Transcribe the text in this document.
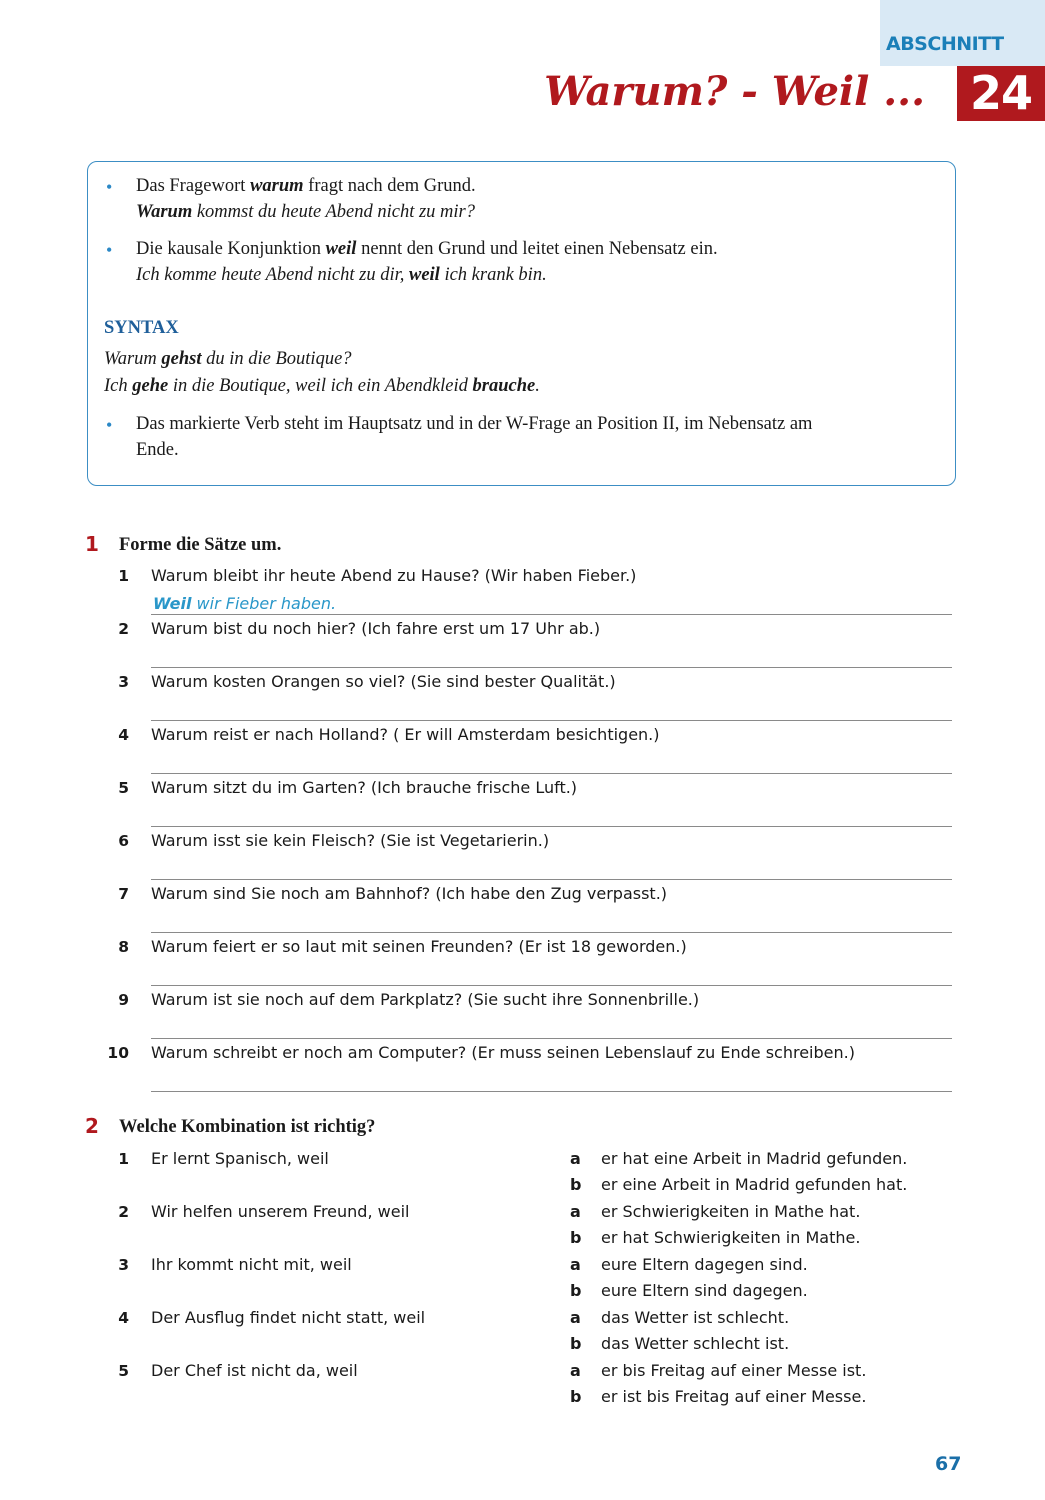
ABSCHNITT
Warum? - Weil ... 24
• Das Fragewort warum fragt nach dem Grund.
Warum kommst du heute Abend nicht zu mir?
• Die kausale Konjunktion weil nennt den Grund und leitet einen Nebensatz ein.
Ich komme heute Abend nicht zu dir, weil ich krank bin.
SYNTAX
Warum gehst du in die Boutique?
Ich gehe in die Boutique, weil ich ein Abendkleid brauche.
• Das markierte Verb steht im Hauptsatz und in der W-Frage an Position II, im Nebensatz am
Ende.
1 Forme die Sätze um.
1 Warum bleibt ihr heute Abend zu Hause? (Wir haben Fieber.)
2 Warum bist du noch hier? (Ich fahre erst um 17 Uhr ab.)
3 Warum kosten Orangen so viel? (Sie sind bester Qualität.)
4 Warum reist er nach Holland? ( Er will Amsterdam besichtigen.)
5 Warum sitzt du im Garten? (Ich brauche frische Luft.)
6 Warum isst sie kein Fleisch? (Sie ist Vegetarierin.)
7 Warum sind Sie noch am Bahnhof? (Ich habe den Zug verpasst.)
8 Warum feiert er so laut mit seinen Freunden? (Er ist 18 geworden.)
9 Warum ist sie noch auf dem Parkplatz? (Sie sucht ihre Sonnenbrille.)
10 Warum schreibt er noch am Computer? (Er muss seinen Lebenslauf zu Ende schreiben.)
Weil wir Fieber haben.
2 Welche Kombination ist richtig?
1 Er lernt Spanisch, weil	a er hat eine Arbeit in Madrid gefunden.
b er eine Arbeit in Madrid gefunden hat.
2 Wir helfen unserem Freund, weil	a er Schwierigkeiten in Mathe hat.
b er hat Schwierigkeiten in Mathe.
3 Ihr kommt nicht mit, weil	a eure Eltern dagegen sind.
b eure Eltern sind dagegen.
4 Der Ausflug findet nicht statt, weil	a das Wetter ist schlecht.
b das Wetter schlecht ist.
5 Der Chef ist nicht da, weil	a er bis Freitag auf einer Messe ist.
b er ist bis Freitag auf einer Messe.
67
